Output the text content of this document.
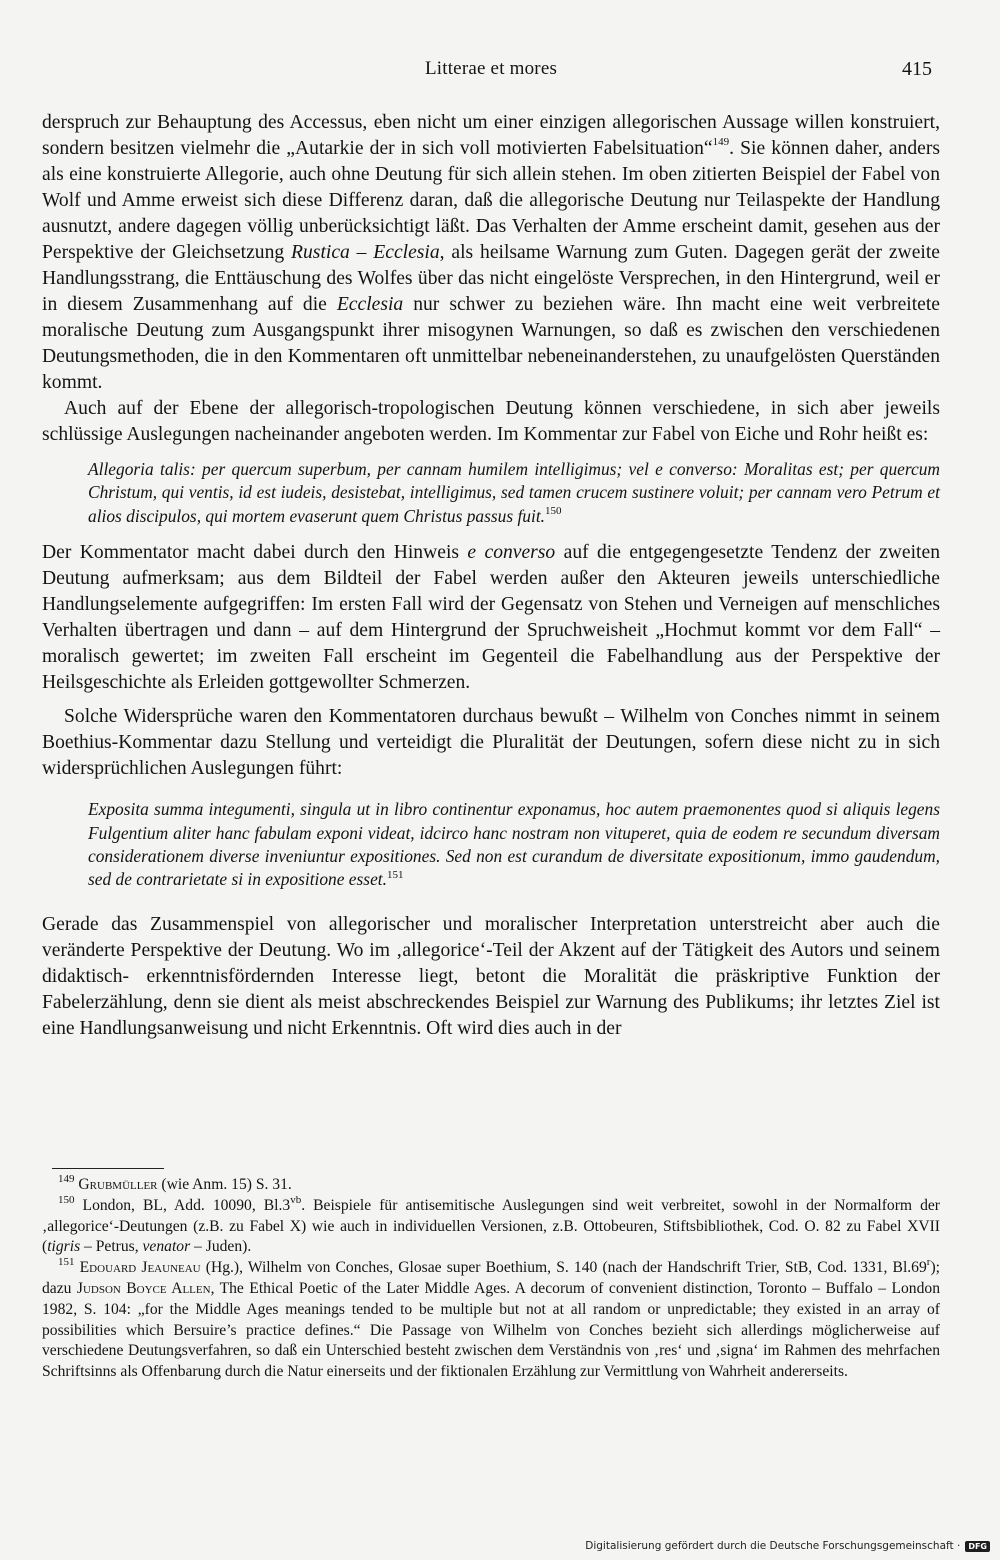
Litterae et mores	415

derspruch zur Behauptung des Accessus, eben nicht um einer einzigen allegorischen Aussage willen konstruiert, sondern besitzen vielmehr die „Autarkie der in sich voll motivierten Fabelsituation“$^{149}$. Sie können daher, anders als eine konstruierte Allegorie, auch ohne Deutung für sich allein stehen. Im oben zitierten Beispiel der Fabel von Wolf und Amme erweist sich diese Differenz daran, daß die allegorische Deutung nur Teilaspekte der Handlung ausnutzt, andere dagegen völlig unberücksichtigt läßt. Das Verhalten der Amme erscheint damit, gesehen aus der Perspektive der Gleichsetzung Rustica – Ecclesia, als heilsame Warnung zum Guten. Dagegen gerät der zweite Handlungsstrang, die Enttäuschung des Wolfes über das nicht eingelöste Versprechen, in den Hintergrund, weil er in diesem Zusammenhang auf die Ecclesia nur schwer zu beziehen wäre. Ihn macht eine weit verbreitete moralische Deutung zum Ausgangspunkt ihrer misogynen Warnungen, so daß es zwischen den verschiedenen Deutungsmethoden, die in den Kommentaren oft unmittelbar nebeneinanderstehen, zu unaufgelösten Querständen kommt.

Auch auf der Ebene der allegorisch-tropologischen Deutung können verschiedene, in sich aber jeweils schlüssige Auslegungen nacheinander angeboten werden. Im Kommentar zur Fabel von Eiche und Rohr heißt es:

Allegoria talis: per quercum superbum, per cannam humilem intelligimus; vel e converso: Moralitas est; per quercum Christum, qui ventis, id est iudeis, desistebat, intelligimus, sed tamen crucem sustinere voluit; per cannam vero Petrum et alios discipulos, qui mortem evaserunt quem Christus passus fuit.$^{150}$

Der Kommentator macht dabei durch den Hinweis e converso auf die entgegengesetzte Tendenz der zweiten Deutung aufmerksam; aus dem Bildteil der Fabel werden außer den Akteuren jeweils unterschiedliche Handlungselemente aufgegriffen: Im ersten Fall wird der Gegensatz von Stehen und Verneigen auf menschliches Verhalten übertragen und dann – auf dem Hintergrund der Spruchweisheit „Hochmut kommt vor dem Fall“ – moralisch gewertet; im zweiten Fall erscheint im Gegenteil die Fabelhandlung aus der Perspektive der Heilsgeschichte als Erleiden gottgewollter Schmerzen.

Solche Widersprüche waren den Kommentatoren durchaus bewußt – Wilhelm von Conches nimmt in seinem Boethius-Kommentar dazu Stellung und verteidigt die Pluralität der Deutungen, sofern diese nicht zu in sich widersprüchlichen Auslegungen führt:

Exposita summa integumenti, singula ut in libro continentur exponamus, hoc autem praemonentes quod si aliquis legens Fulgentium aliter hanc fabulam exponi videat, idcirco hanc nostram non vituperet, quia de eodem re secundum diversam considerationem diverse inveniuntur expositiones. Sed non est curandum de diversitate expositionum, immo gaudendum, sed de contrarietate si in expositione esset.$^{151}$

Gerade das Zusammenspiel von allegorischer und moralischer Interpretation unterstreicht aber auch die veränderte Perspektive der Deutung. Wo im ‚allegorice‘-Teil der Akzent auf der Tätigkeit des Autors und seinem didaktisch- erkenntnisfördernden Interesse liegt, betont die Moralität die präskriptive Funktion der Fabelerzählung, denn sie dient als meist abschreckendes Beispiel zur Warnung des Publikums; ihr letztes Ziel ist eine Handlungsanweisung und nicht Erkenntnis. Oft wird dies auch in der

$^{149}$ Grubmüller (wie Anm. 15) S. 31.

$^{150}$ London, BL, Add. 10090, $Bl.3^{vb}$. Beispiele für antisemitische Auslegungen sind weit verbreitet, sowohl in der Normalform der ‚allegorice‘-Deutungen (z.B. zu Fabel X) wie auch in individuellen Versionen, z.B. Ottobeuren, Stiftsbibliothek, Cod. O. 82 zu Fabel XVII (tigris – Petrus, venator – Juden).

$^{151}$ Edouard Jeauneau (Hg.), Wilhelm von Conches, Glosae super Boethium, S. 140 (nach der Handschrift Trier, StB, Cod. 1331, Bl.69$^r$); dazu Judson Boyce Allen, The Ethical Poetic of the Later Middle Ages. A decorum of convenient distinction, Toronto – Buffalo – London 1982, S. 104: „for the Middle Ages meanings tended to be multiple but not at all random or unpredictable; they existed in an array of possibilities which Bersuire’s practice defines.“ Die Passage von Wilhelm von Conches bezieht sich allerdings möglicherweise auf verschiedene Deutungsverfahren, so daß ein Unterschied besteht zwischen dem Verständnis von ‚res‘ und ‚signa‘ im Rahmen des mehrfachen Schriftsinns als Offenbarung durch die Natur einerseits und der fiktionalen Erzählung zur Vermittlung von Wahrheit andererseits.

Digitalisierung gefördert durch die Deutsche Forschungsgemeinschaft ·	DFG
